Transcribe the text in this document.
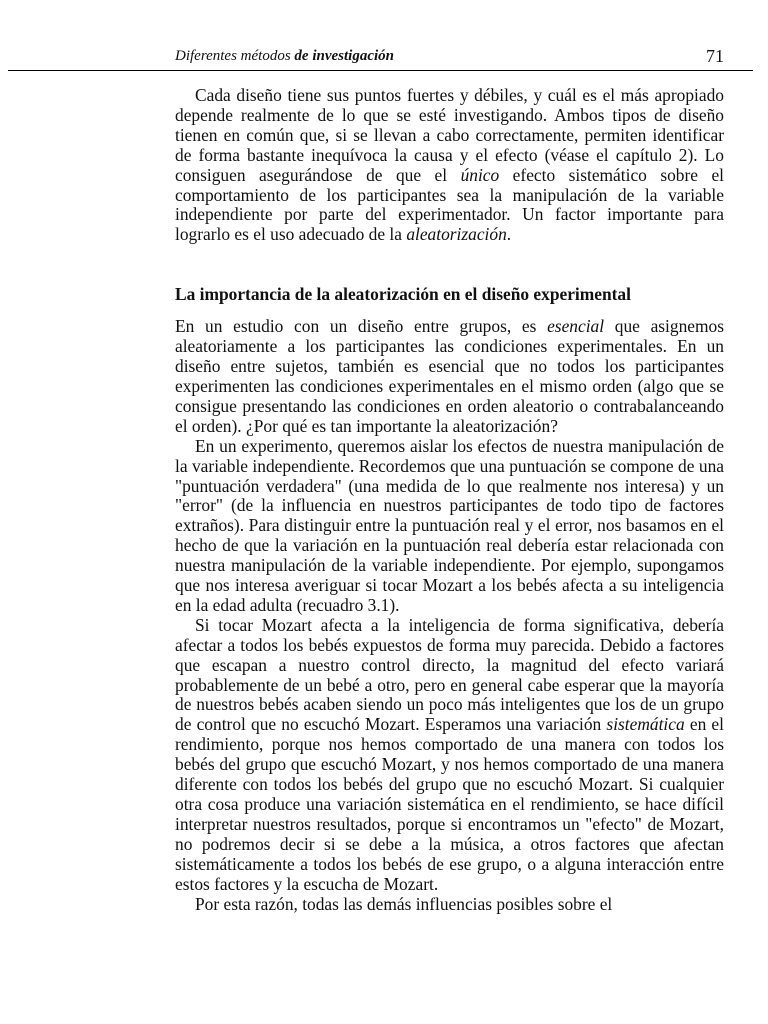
Diferentes métodos de investigación	71

Cada diseño tiene sus puntos fuertes y débiles, y cuál es el más apropiado depende realmente de lo que se esté investigando. Ambos tipos de diseño tienen en común que, si se llevan a cabo correctamente, permiten identificar de forma bastante inequívoca la causa y el efecto (véase el capítulo 2). Lo consiguen asegurándose de que el único efecto sistemático sobre el comportamiento de los participantes sea la manipulación de la variable independiente por parte del experimentador. Un factor importante para lograrlo es el uso adecuado de la aleatorización.

La importancia de la aleatorización en el diseño experimental

En un estudio con un diseño entre grupos, es esencial que asignemos aleatoriamente a los participantes las condiciones experimentales. En un diseño entre sujetos, también es esencial que no todos los participantes experimenten las condiciones experimentales en el mismo orden (algo que se consigue presentando las condiciones en orden aleatorio o contrabalanceando el orden). ¿Por qué es tan importante la aleatorización?

En un experimento, queremos aislar los efectos de nuestra manipulación de la variable independiente. Recordemos que una puntuación se compone de una "puntuación verdadera" (una medida de lo que realmente nos interesa) y un "error" (de la influencia en nuestros participantes de todo tipo de factores extraños). Para distinguir entre la puntuación real y el error, nos basamos en el hecho de que la variación en la puntuación real debería estar relacionada con nuestra manipulación de la variable independiente. Por ejemplo, supongamos que nos interesa averiguar si tocar Mozart a los bebés afecta a su inteligencia en la edad adulta (recuadro 3.1).

Si tocar Mozart afecta a la inteligencia de forma significativa, debería afectar a todos los bebés expuestos de forma muy parecida. Debido a factores que escapan a nuestro control directo, la magnitud del efecto variará probablemente de un bebé a otro, pero en general cabe esperar que la mayoría de nuestros bebés acaben siendo un poco más inteligentes que los de un grupo de control que no escuchó Mozart. Esperamos una variación sistemática en el rendimiento, porque nos hemos comportado de una manera con todos los bebés del grupo que escuchó Mozart, y nos hemos comportado de una manera diferente con todos los bebés del grupo que no escuchó Mozart. Si cualquier otra cosa produce una variación sistemática en el rendimiento, se hace difícil interpretar nuestros resultados, porque si encontramos un "efecto" de Mozart, no podremos decir si se debe a la música, a otros factores que afectan sistemáticamente a todos los bebés de ese grupo, o a alguna interacción entre estos factores y la escucha de Mozart.

Por esta razón, todas las demás influencias posibles sobre el
